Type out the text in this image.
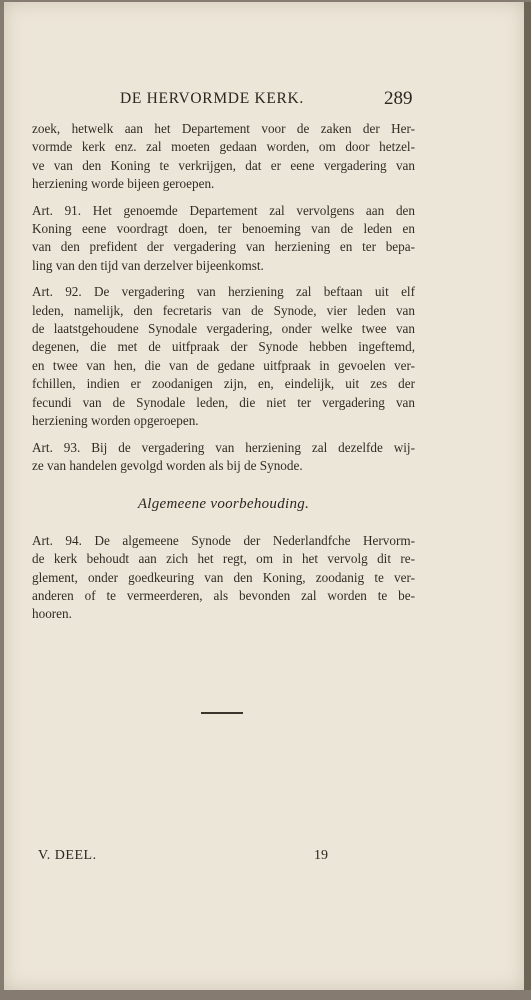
DE HERVORMDE KERK.	289
zoek, hetwelk aan het Departement voor de zaken der Her-
vormde kerk enz. zal moeten gedaan worden, om door hetzel-
ve van den Koning te verkrijgen, dat er eene vergadering van
herziening worde bijeen geroepen.
Art. 91. Het genoemde Departement zal vervolgens aan den
Koning eene voordragt doen, ter benoeming van de leden en
van den prefident der vergadering van herziening en ter bepa-
ling van den tijd van derzelver bijeenkomst.
Art. 92. De vergadering van herziening zal beftaan uit elf
leden, namelijk, den fecretaris van de Synode, vier leden van
de laatstgehoudene Synodale vergadering, onder welke twee van
degenen, die met de uitfpraak der Synode hebben ingeftemd,
en twee van hen, die van de gedane uitfpraak in gevoelen ver-
fchillen, indien er zoodanigen zijn, en, eindelijk, uit zes der
fecundi van de Synodale leden, die niet ter vergadering van
herziening worden opgeroepen.
Art. 93. Bij de vergadering van herziening zal dezelfde wij-
ze van handelen gevolgd worden als bij de Synode.
Algemeene voorbehouding.
Art. 94. De algemeene Synode der Nederlandfche Hervorm-
de kerk behoudt aan zich het regt, om in het vervolg dit re-
glement, onder goedkeuring van den Koning, zoodanig te ver-
anderen of te vermeerderen, als bevonden zal worden te be-
hooren.
V. DEEL.	19
